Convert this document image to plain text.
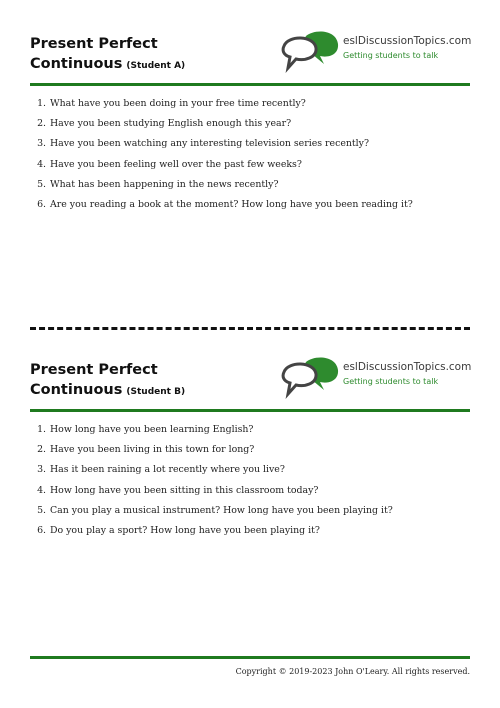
Present Perfect
Continuous (Student A)
eslDiscussionTopics.com
Getting students to talk
1. What have you been doing in your free time recently?
2. Have you been studying English enough this year?
3. Have you been watching any interesting television series recently?
4. Have you been feeling well over the past few weeks?
5. What has been happening in the news recently?
6. Are you reading a book at the moment? How long have you been reading it?
Present Perfect
Continuous (Student B)
eslDiscussionTopics.com
Getting students to talk
1. How long have you been learning English?
2. Have you been living in this town for long?
3. Has it been raining a lot recently where you live?
4. How long have you been sitting in this classroom today?
5. Can you play a musical instrument? How long have you been playing it?
6. Do you play a sport? How long have you been playing it?
Copyright © 2019-2023 John O'Leary. All rights reserved.
